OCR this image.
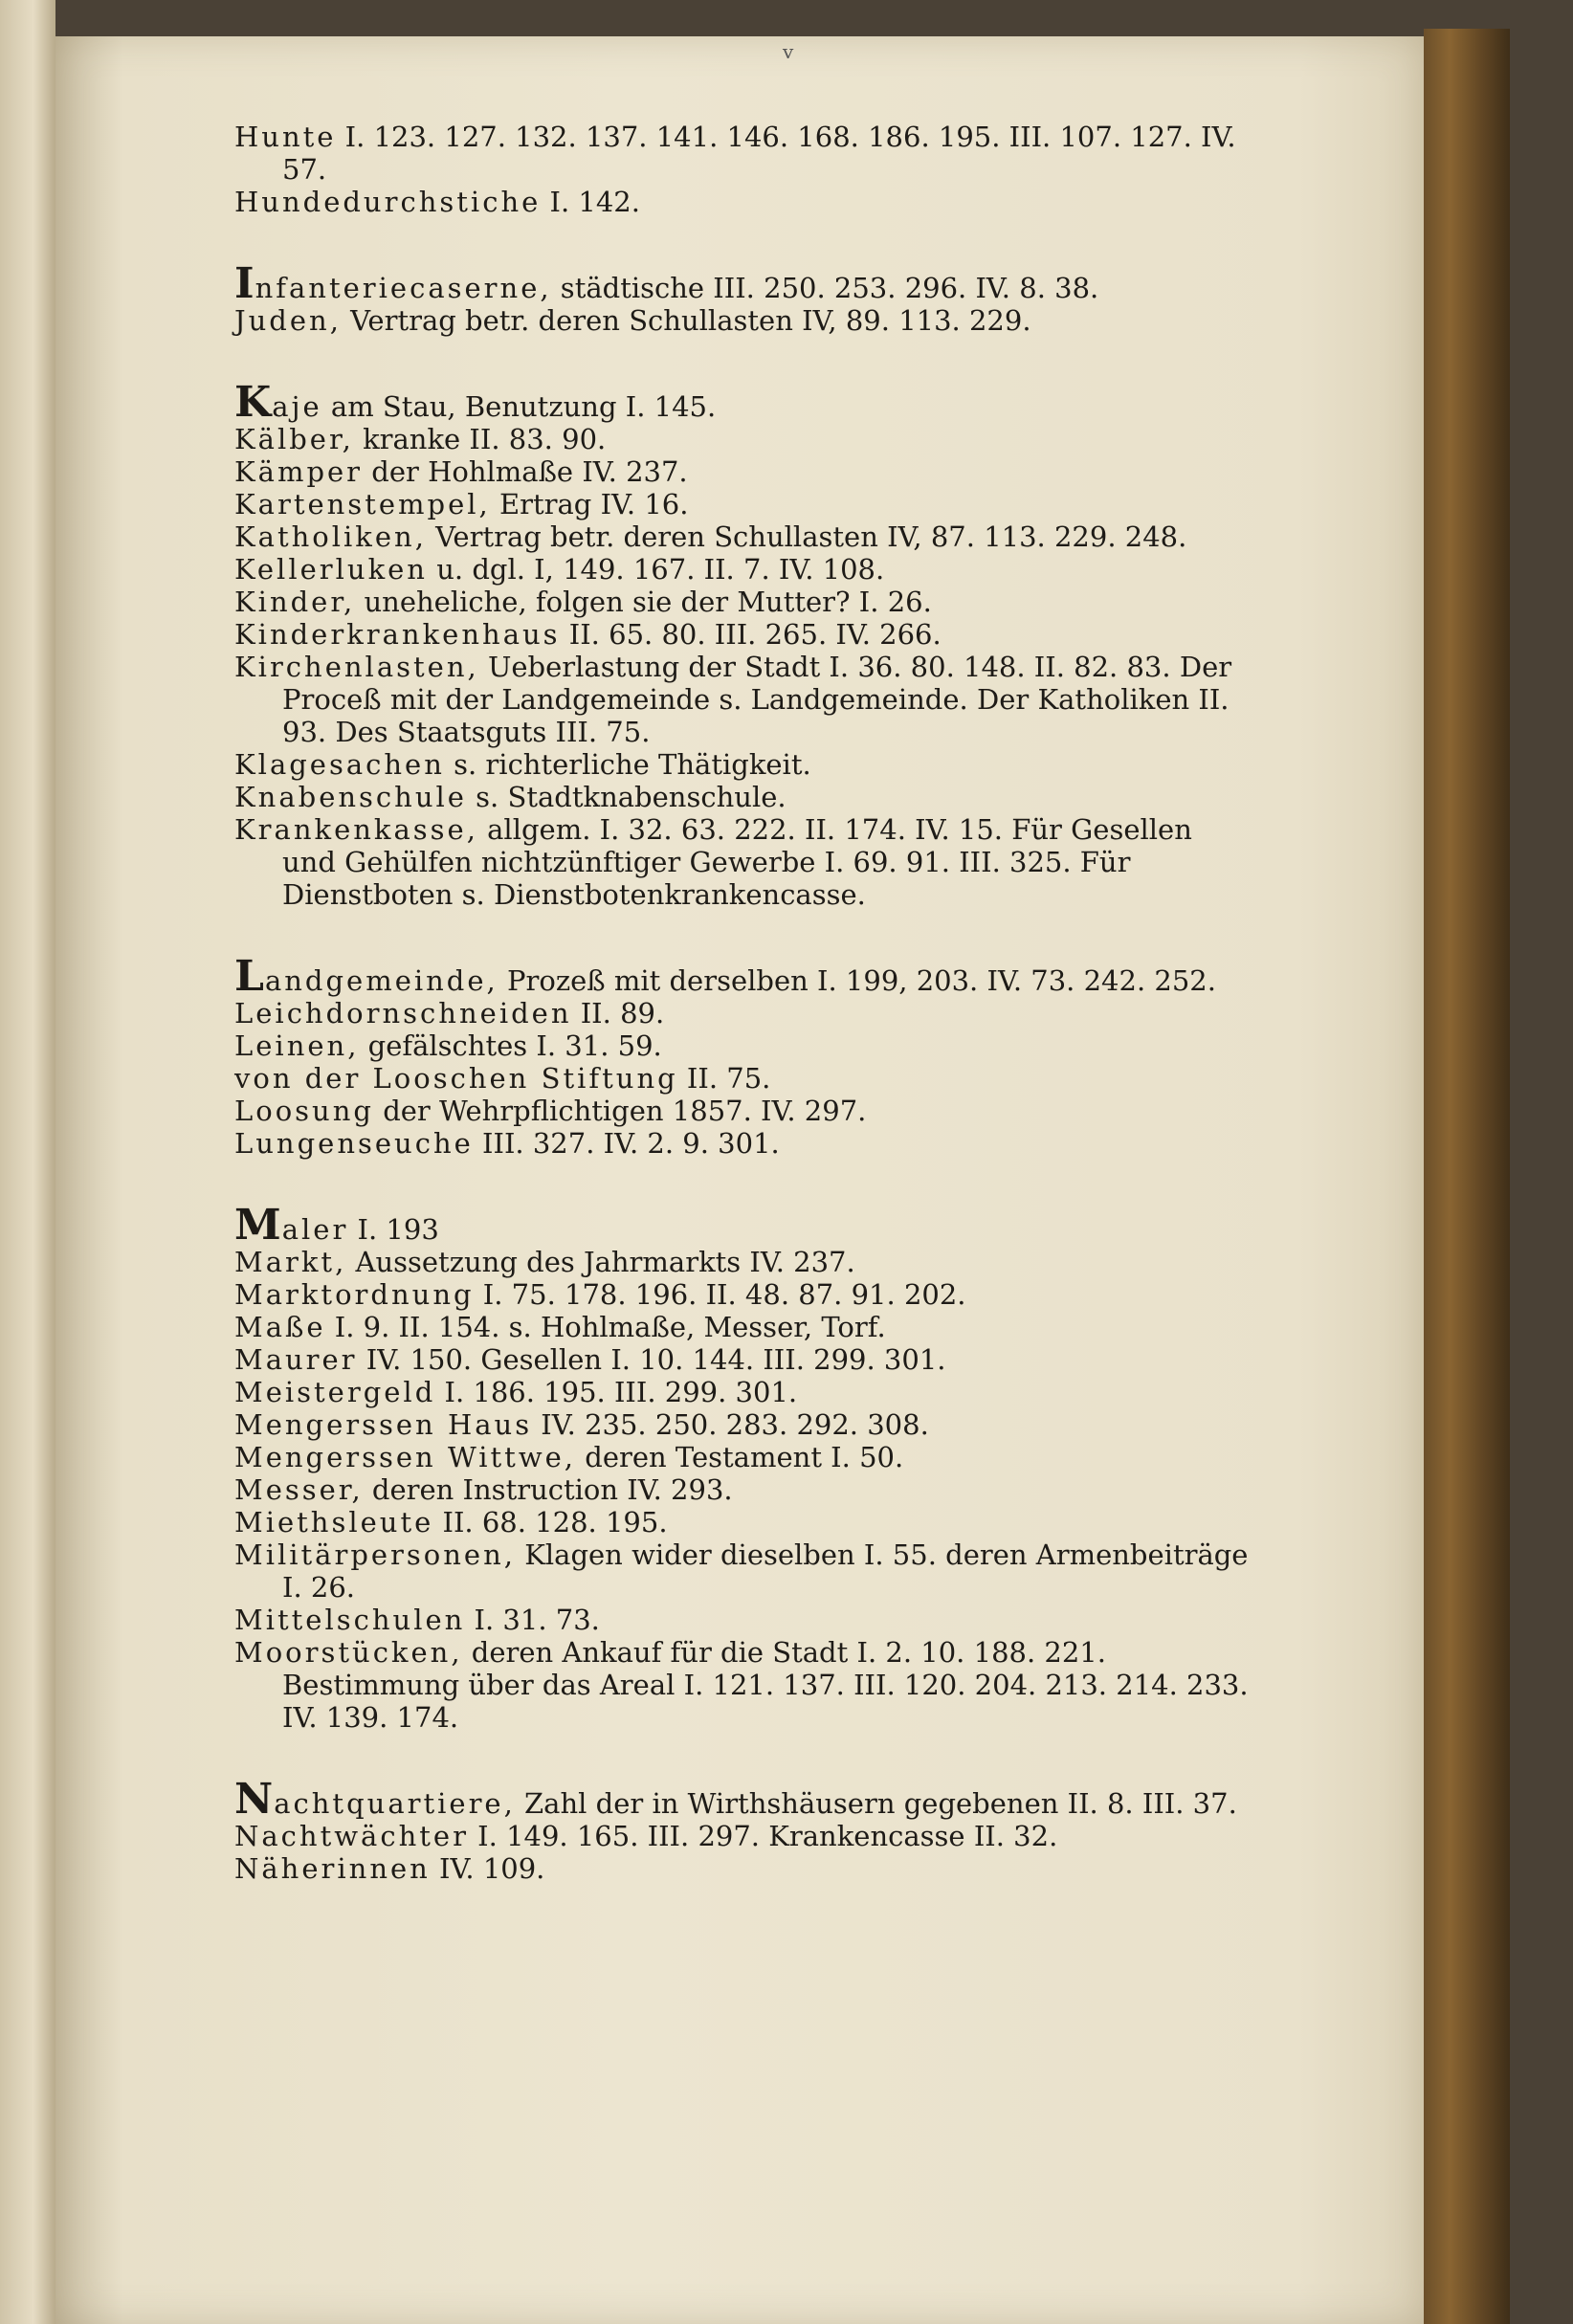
v

Hunte I. 123. 127. 132. 137. 141. 146. 168. 186. 195. III. 107. 127. IV. 57.

Hundedurchstiche I. 142.

Infanteriecaserne, städtische III. 250. 253. 296. IV. 8. 38.

Juden, Vertrag betr. deren Schullasten IV, 89. 113. 229.

Kaje am Stau, Benutzung I. 145.

Kälber, kranke II. 83. 90.

Kämper der Hohlmaße IV. 237.

Kartenstempel, Ertrag IV. 16.

Katholiken, Vertrag betr. deren Schullasten IV, 87. 113. 229. 248.

Kellerluken u. dgl. I, 149. 167. II. 7. IV. 108.

Kinder, uneheliche, folgen sie der Mutter? I. 26.

Kinderkrankenhaus II. 65. 80. III. 265. IV. 266.

Kirchenlasten, Ueberlastung der Stadt I. 36. 80. 148. II. 82. 83. Der Proceß mit der Landgemeinde s. Landgemeinde. Der Katholiken II. 93. Des Staatsguts III. 75.

Klagesachen s. richterliche Thätigkeit.

Knabenschule s. Stadtknabenschule.

Krankenkasse, allgem. I. 32. 63. 222. II. 174. IV. 15. Für Gesellen und Gehülfen nichtzünftiger Gewerbe I. 69. 91. III. 325. Für Dienstboten s. Dienstbotenkrankencasse.

Landgemeinde, Prozeß mit derselben I. 199, 203. IV. 73. 242. 252.

Leichdornschneiden II. 89.

Leinen, gefälschtes I. 31. 59.

von der Looschen Stiftung II. 75.

Loosung der Wehrpflichtigen 1857. IV. 297.

Lungenseuche III. 327. IV. 2. 9. 301.

Maler I. 193

Markt, Aussetzung des Jahrmarkts IV. 237.

Marktordnung I. 75. 178. 196. II. 48. 87. 91. 202.

Maße I. 9. II. 154. s. Hohlmaße, Messer, Torf.

Maurer IV. 150. Gesellen I. 10. 144. III. 299. 301.

Meistergeld I. 186. 195. III. 299. 301.

Mengerssen Haus IV. 235. 250. 283. 292. 308.

Mengerssen Wittwe, deren Testament I. 50.

Messer, deren Instruction IV. 293.

Miethsleute II. 68. 128. 195.

Militärpersonen, Klagen wider dieselben I. 55. deren Armenbeiträge I. 26.

Mittelschulen I. 31. 73.

Moorstücken, deren Ankauf für die Stadt I. 2. 10. 188. 221. Bestimmung über das Areal I. 121. 137. III. 120. 204. 213. 214. 233. IV. 139. 174.

Nachtquartiere, Zahl der in Wirthshäusern gegebenen II. 8. III. 37.

Nachtwächter I. 149. 165. III. 297. Krankencasse II. 32.

Näherinnen IV. 109.
